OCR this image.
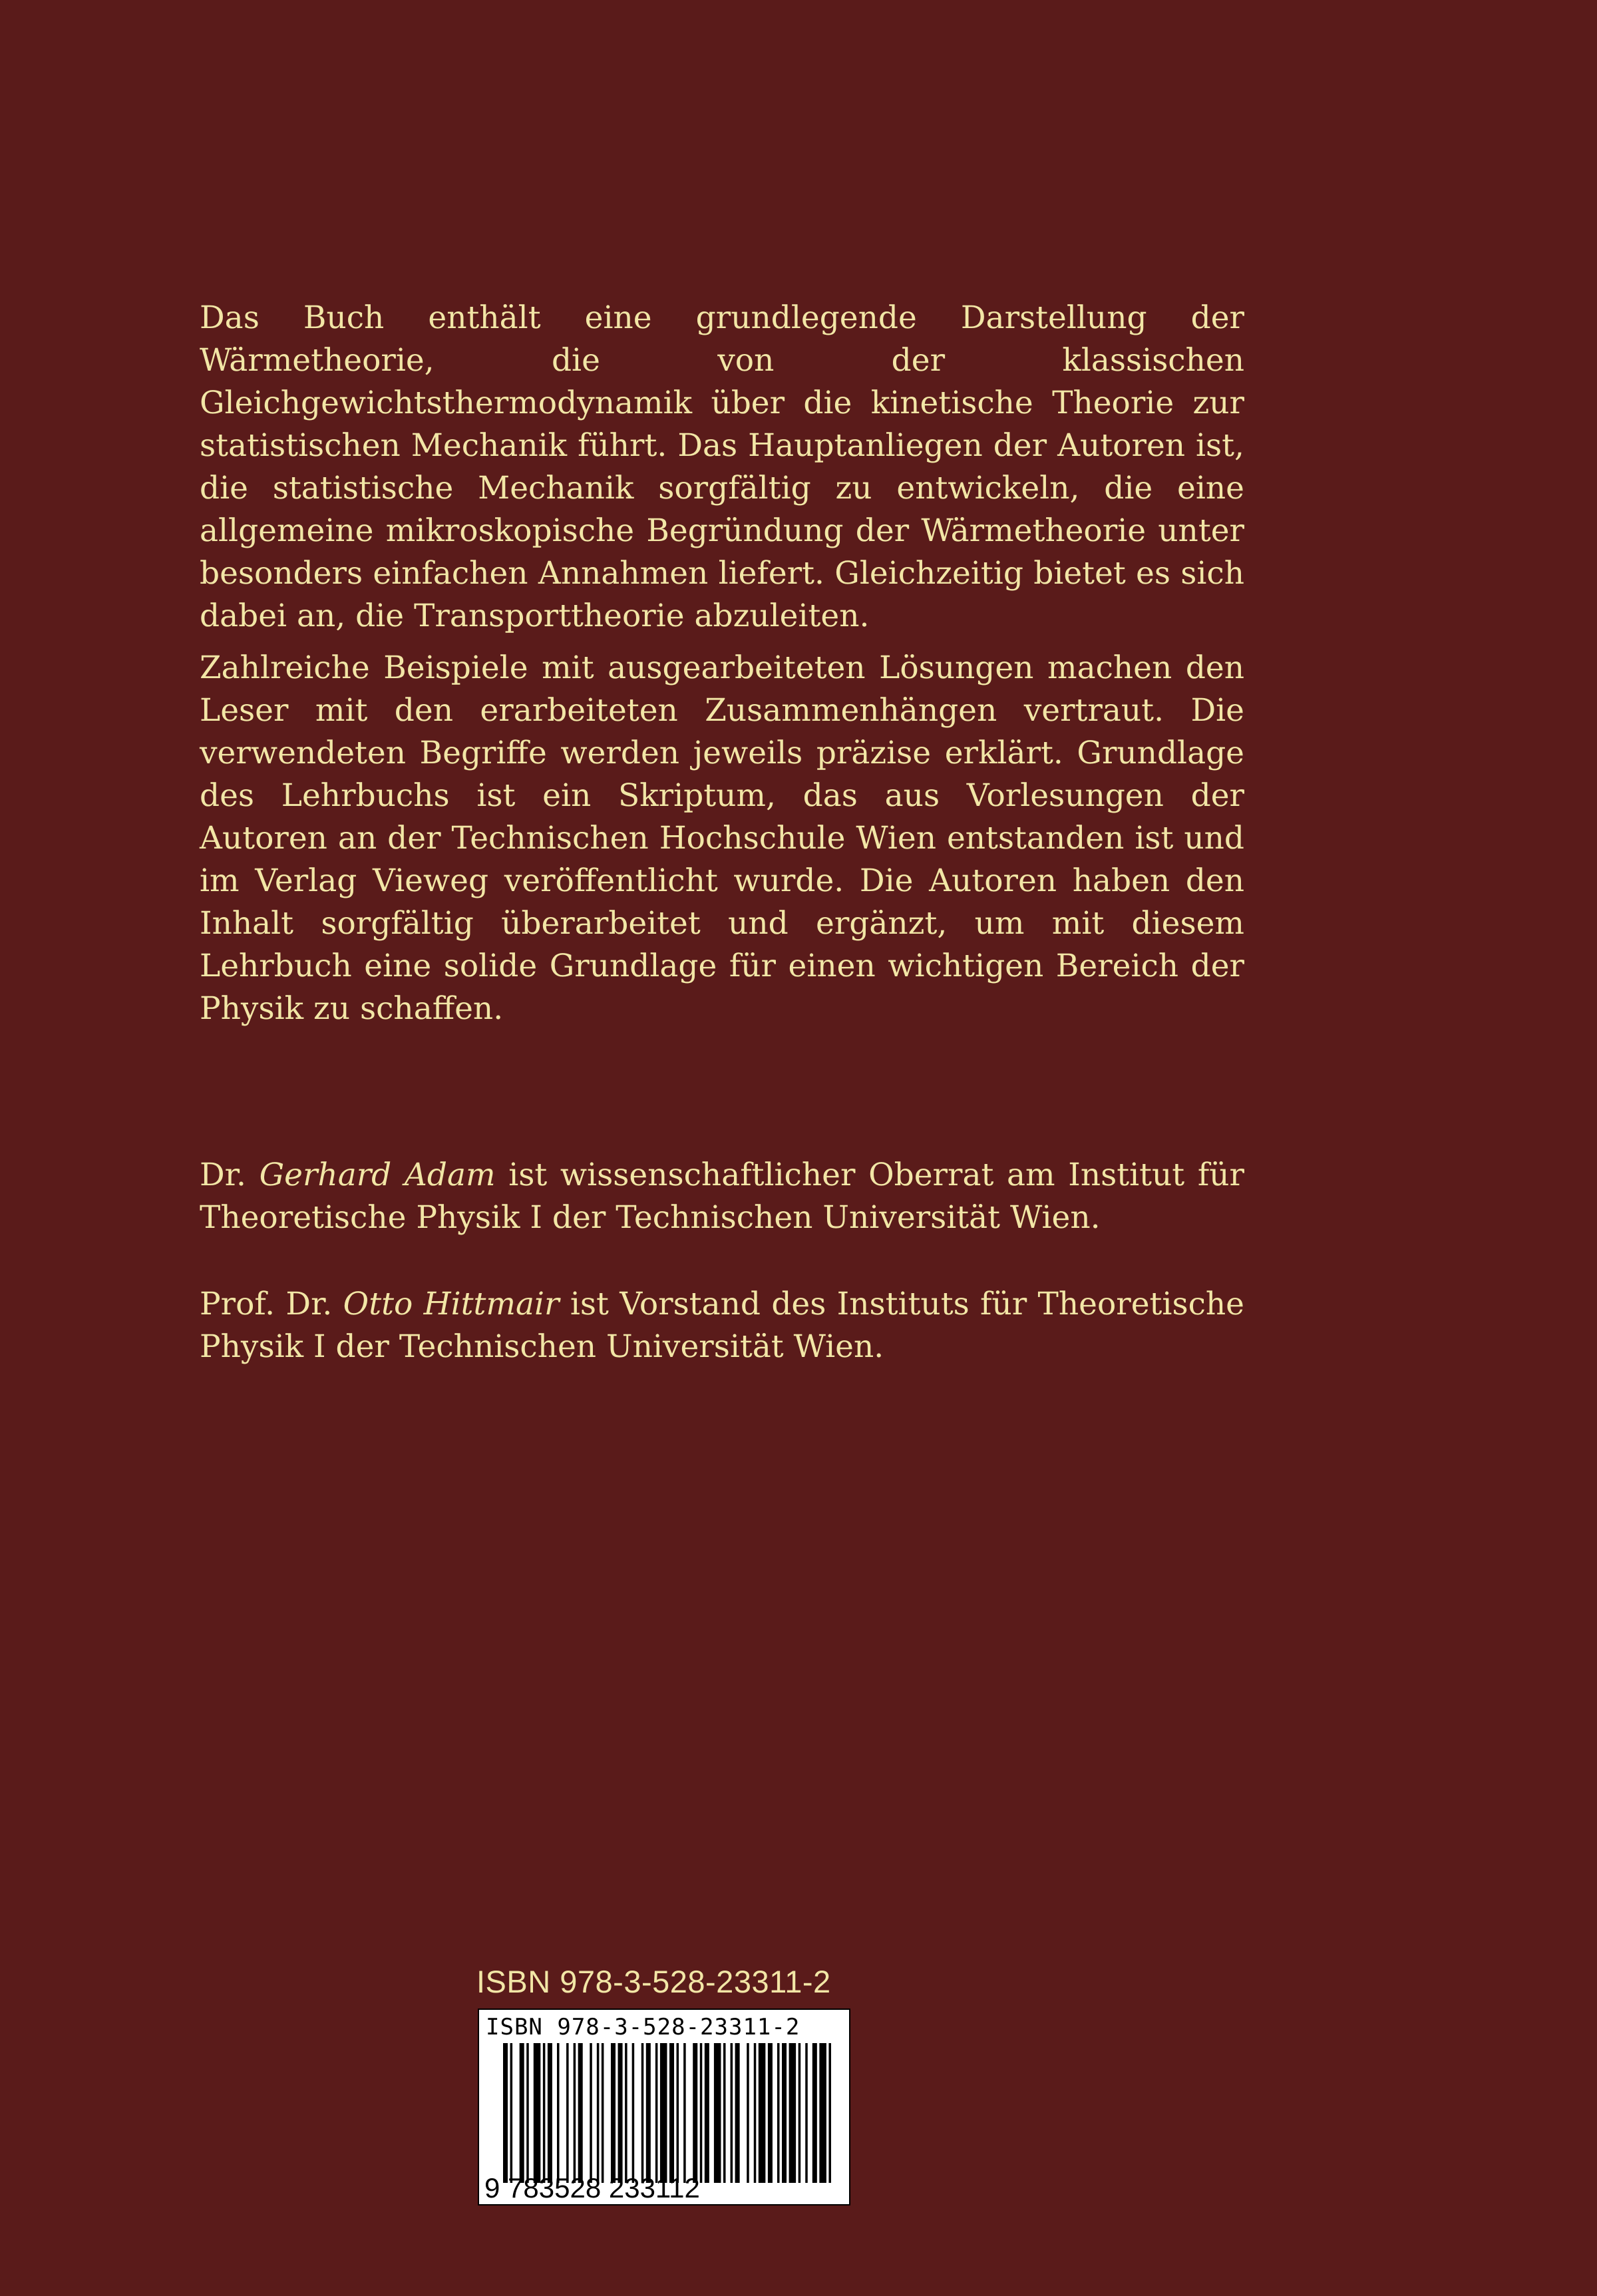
Das Buch enthält eine grundlegende Darstellung der Wärmetheorie, die von der klassischen Gleichgewichtsthermodynamik über die kinetische Theorie zur statistischen Mechanik führt. Das Hauptanliegen der Autoren ist, die statistische Mechanik sorgfältig zu entwickeln, die eine allgemeine mikroskopische Begründung der Wärmetheorie unter besonders einfachen Annahmen liefert. Gleichzeitig bietet es sich dabei an, die Transporttheorie abzuleiten.
Zahlreiche Beispiele mit ausgearbeiteten Lösungen machen den Leser mit den erarbeiteten Zusammenhängen vertraut. Die verwendeten Begriffe werden jeweils präzise erklärt. Grundlage des Lehrbuchs ist ein Skriptum, das aus Vorlesungen der Autoren an der Technischen Hochschule Wien entstanden ist und im Verlag Vieweg veröffentlicht wurde. Die Autoren haben den Inhalt sorgfältig überarbeitet und ergänzt, um mit diesem Lehrbuch eine solide Grundlage für einen wichtigen Bereich der Physik zu schaffen.
Dr. Gerhard Adam ist wissenschaftlicher Oberrat am Institut für Theoretische Physik I der Technischen Universität Wien.
Prof. Dr. Otto Hittmair ist Vorstand des Instituts für Theoretische Physik I der Technischen Universität Wien.
ISBN 978-3-528-23311-2
ISBN 978-3-528-23311-2
9 783528 233112
